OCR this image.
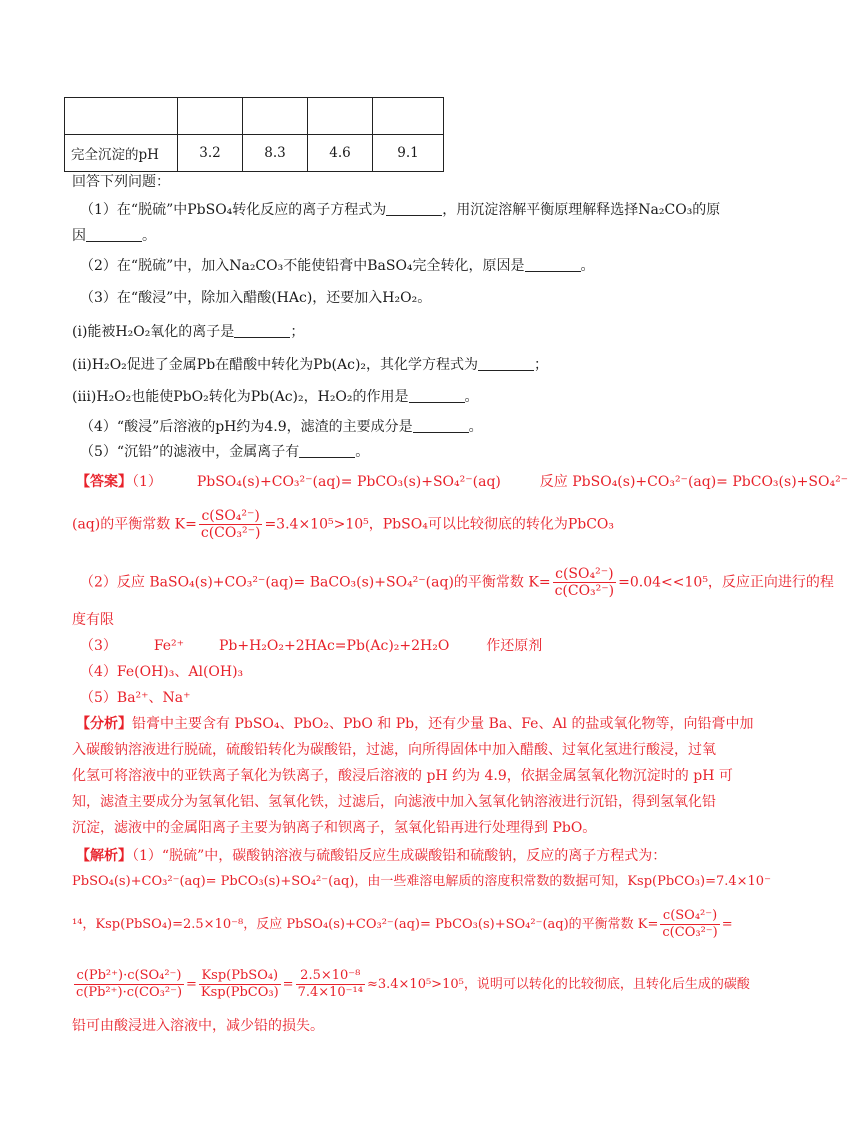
完全沉淀的pH	3.2	8.3	4.6	9.1
回答下列问题：
（1）在“脱硫”中PbSO₄转化反应的离子方程式为	，用沉淀溶解平衡原理解释选择Na₂CO₃的原
因	。
（2）在“脱硫”中，加入Na₂CO₃不能使铅膏中BaSO₄完全转化，原因是	。
（3）在“酸浸”中，除加入醋酸(HAc)，还要加入H₂O₂。
(ⅰ)能被H₂O₂氧化的离子是	；
(ⅱ)H₂O₂促进了金属Pb在醋酸中转化为Pb(Ac)₂，其化学方程式为	；
(ⅲ)H₂O₂也能使PbO₂转化为Pb(Ac)₂，H₂O₂的作用是	。
（4）“酸浸”后溶液的pH约为4.9，滤渣的主要成分是	。
（5）“沉铅”的滤液中，金属离子有	。
【答案】（1） PbSO₄(s)+CO₃²⁻(aq)= PbCO₃(s)+SO₄²⁻(aq)	反应 PbSO₄(s)+CO₃²⁻(aq)= PbCO₃(s)+SO₄²⁻
(aq)的平衡常数 $K= \frac{\text{c(SO₄²⁻)}}{\text{c(CO₃²⁻)}} =3.4\times 10^5>10^5$，PbSO₄可以比较彻底的转化为PbCO₃
（2）反应 BaSO₄(s)+CO₃²⁻(aq)= BaCO₃(s)+SO₄²⁻(aq)的平衡常数 $K= \frac{\text{c(SO₄²⁻)}}{\text{c(CO₃²⁻)}} =0.04<<10^5$，反应正向进行的程
度有限
（3）	Fe²⁺ Pb+H₂O₂+2HAc=Pb(Ac)₂+2H₂O	作还原剂
（4）Fe(OH)₃、Al(OH)₃
（5）Ba²⁺、Na⁺
【分析】铅膏中主要含有 PbSO₄、PbO₂、PbO 和 Pb，还有少量 Ba、Fe、Al 的盐或氧化物等，向铅膏中加
入碳酸钠溶液进行脱硫，硫酸铅转化为碳酸铅，过滤，向所得固体中加入醋酸、过氧化氢进行酸浸，过氧
化氢可将溶液中的亚铁离子氧化为铁离子，酸浸后溶液的 pH 约为 4.9，依据金属氢氧化物沉淀时的 pH 可
知，滤渣主要成分为氢氧化铝、氢氧化铁，过滤后，向滤液中加入氢氧化钠溶液进行沉铅，得到氢氧化铅
沉淀，滤液中的金属阳离子主要为钠离子和钡离子，氢氧化铅再进行处理得到 PbO。
【解析】（1）“脱硫”中，碳酸钠溶液与硫酸铅反应生成碳酸铅和硫酸钠，反应的离子方程式为：
PbSO₄(s)+CO₃²⁻(aq)= PbCO₃(s)+SO₄²⁻(aq)，由一些难溶电解质的溶度积常数的数据可知，Ksp(PbCO₃)=7.4×10⁻
¹⁴，Ksp(PbSO₄)=2.5×10⁻⁸，反应 PbSO₄(s)+CO₃²⁻(aq)= PbCO₃(s)+SO₄²⁻(aq)的平衡常数 $K= \frac{\text{c(SO₄²⁻)}}{\text{c(CO₃²⁻)}}$ =
$\frac{\text{c(Pb²⁺)·c(SO₄²⁻)}}{\text{c(Pb²⁺)·c(CO₃²⁻)}} = \frac{\text{Ksp(PbSO₄)}}{\text{Ksp(PbCO₃)}} = \frac{\text{2.5×10⁻⁸}}{\text{7.4×10⁻¹⁴}} \approx 3.4\times 10^5>10^5$，说明可以转化的比较彻底，且转化后生成的碳酸
铅可由酸浸进入溶液中，减少铅的损失。
